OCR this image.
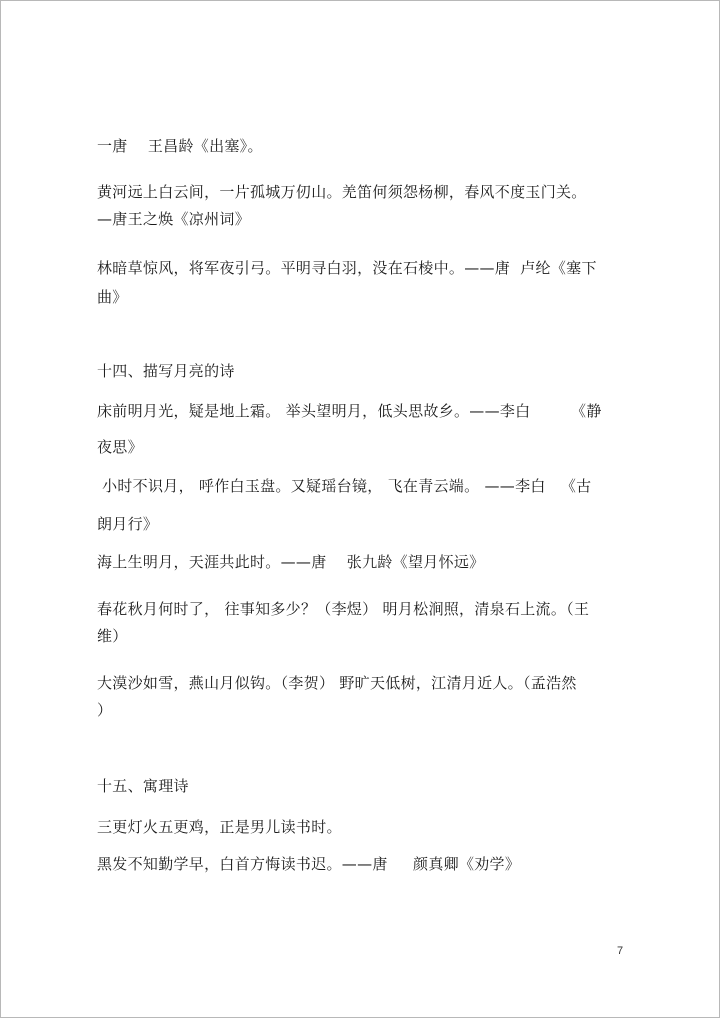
一唐    王昌龄《出塞》。
黄河远上白云间，一片孤城万仞山。羌笛何须怨杨柳，春风不度玉门关。
—唐王之焕《凉州词》
林暗草惊风，将军夜引弓。平明寻白羽，没在石棱中。——唐  卢纶《塞下
曲》
十四、描写月亮的诗
床前明月光，疑是地上霜。 举头望明月，低头思故乡。——李白        《静
夜思》
小时不识月， 呼作白玉盘。又疑瑶台镜， 飞在青云端。 ——李白   《古
朗月行》
海上生明月，天涯共此时。——唐    张九龄《望月怀远》
春花秋月何时了， 往事知多少？（李煜） 明月松涧照，清泉石上流。（王
维）
大漠沙如雪，燕山月似钩。（李贺） 野旷天低树，江清月近人。（孟浩然
）
十五、寓理诗
三更灯火五更鸡，正是男儿读书时。
黑发不知勤学早，白首方悔读书迟。——唐     颜真卿《劝学》
7
